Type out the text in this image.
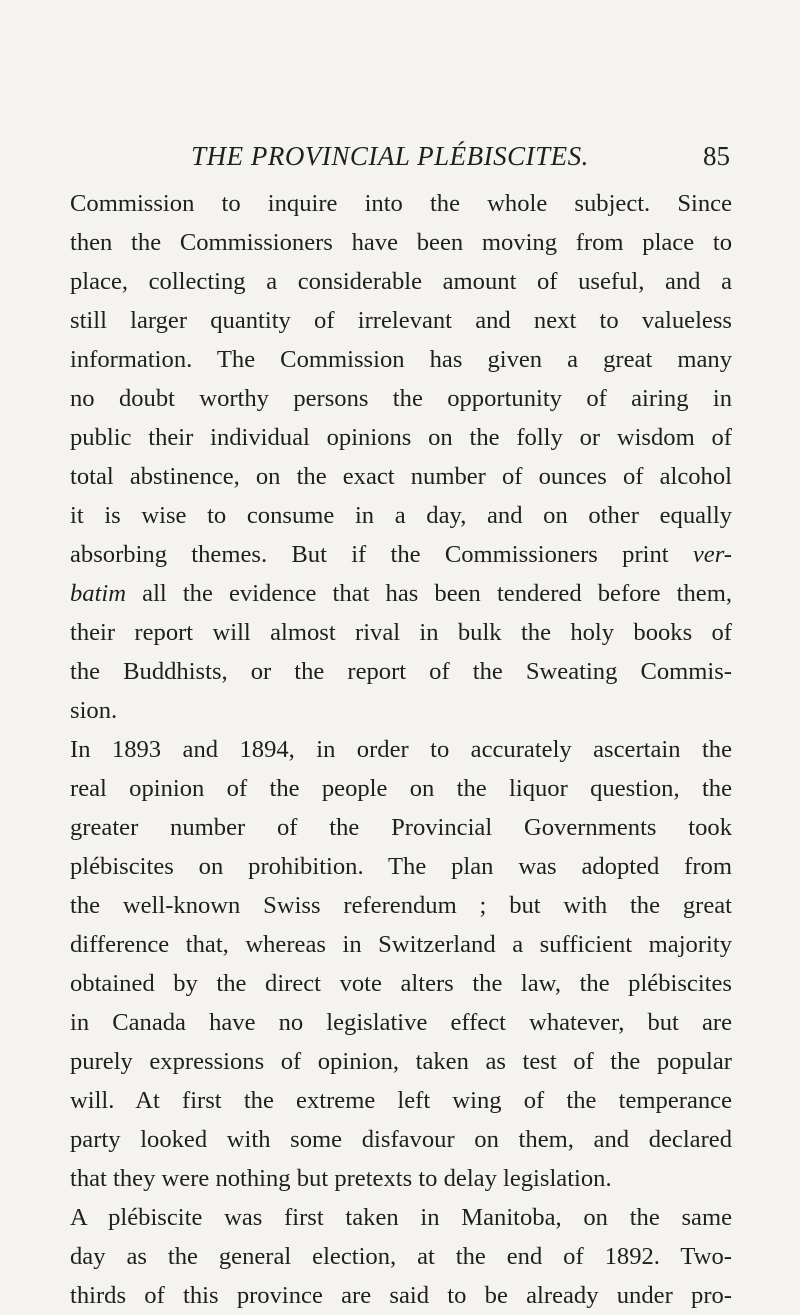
THE PROVINCIAL PLÉBISCITES.	85
Commission to inquire into the whole subject. Since
then the Commissioners have been moving from place to
place, collecting a considerable amount of useful, and a
still larger quantity of irrelevant and next to valueless
information. The Commission has given a great many
no doubt worthy persons the opportunity of airing in
public their individual opinions on the folly or wisdom of
total abstinence, on the exact number of ounces of alcohol
it is wise to consume in a day, and on other equally
absorbing themes. But if the Commissioners print ver-
batim all the evidence that has been tendered before them,
their report will almost rival in bulk the holy books of
the Buddhists, or the report of the Sweating Commis-
sion.
In 1893 and 1894, in order to accurately ascertain the
real opinion of the people on the liquor question, the
greater number of the Provincial Governments took
plébiscites on prohibition. The plan was adopted from
the well-known Swiss referendum ; but with the great
difference that, whereas in Switzerland a sufficient majority
obtained by the direct vote alters the law, the plébiscites
in Canada have no legislative effect whatever, but are
purely expressions of opinion, taken as test of the popular
will. At first the extreme left wing of the temperance
party looked with some disfavour on them, and declared
that they were nothing but pretexts to delay legislation.
A plébiscite was first taken in Manitoba, on the same
day as the general election, at the end of 1892. Two-
thirds of this province are said to be already under pro-
